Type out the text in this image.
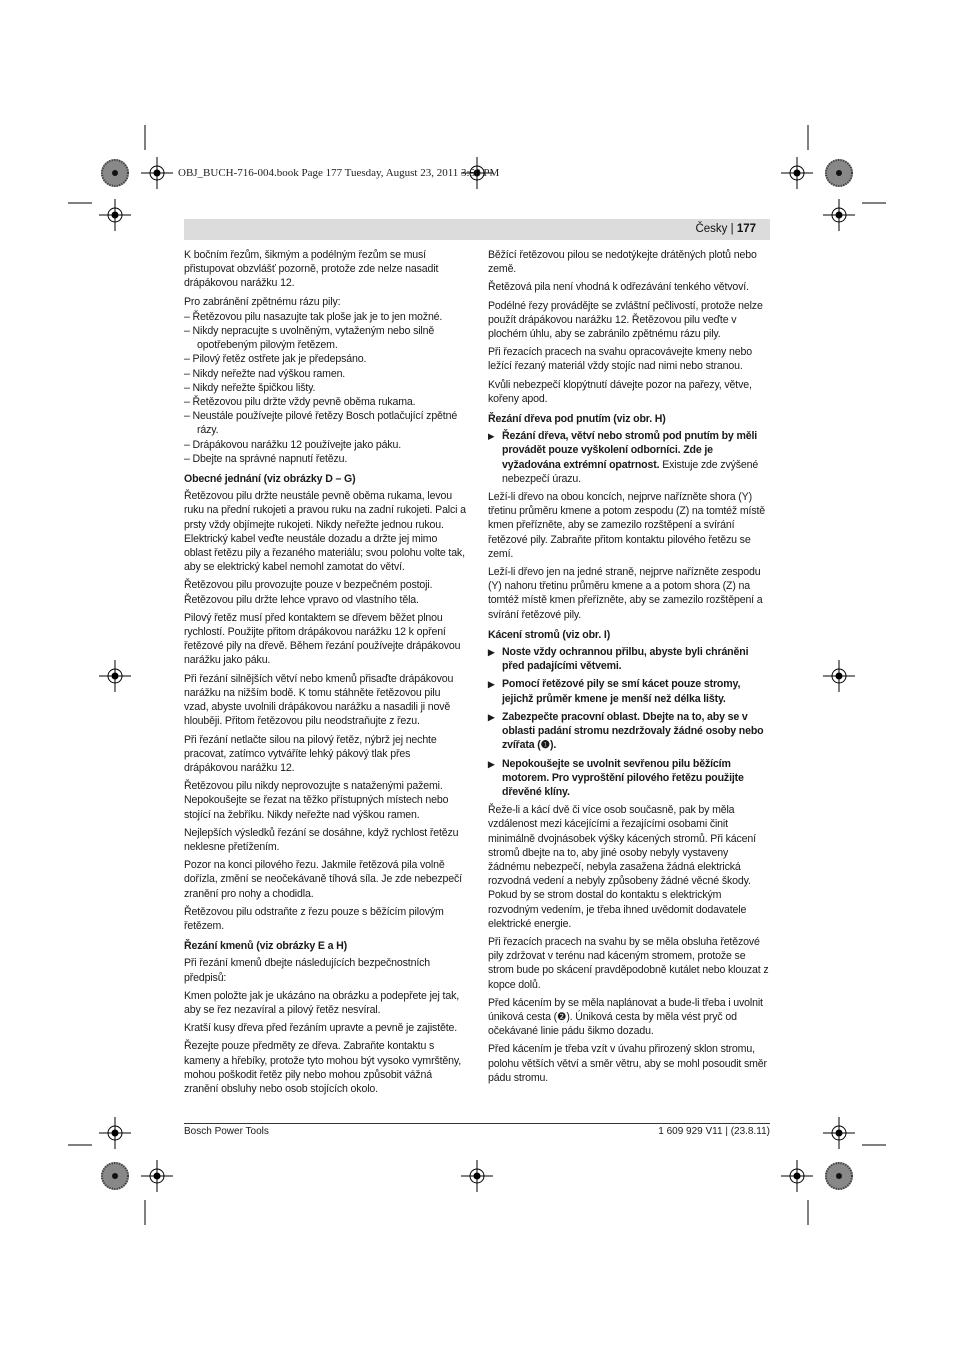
OBJ_BUCH-716-004.book Page 177 Tuesday, August 23, 2011 3:50 PM
Česky | 177

K bočním řezům, šikmým a podélným řezům se musí přistupovat obzvlášť pozorně, protože zde nelze nasadit drápákovou narážku 12.

Pro zabránění zpětnému rázu pily:

– Řetězovou pilu nasazujte tak ploše jak je to jen možné.

– Nikdy nepracujte s uvolněným, vytaženým nebo silně opotřebeným pilovým řetězem.

– Pilový řetěz ostřete jak je předepsáno.

– Nikdy neřežte nad výškou ramen.

– Nikdy neřežte špičkou lišty.

– Řetězovou pilu držte vždy pevně oběma rukama.

– Neustále používejte pilové řetězy Bosch potlačující zpětné rázy.

– Drápákovou narážku 12 používejte jako páku.

– Dbejte na správné napnutí řetězu.

Obecné jednání (viz obrázky D – G)

Řetězovou pilu držte neustále pevně oběma rukama, levou ruku na přední rukojeti a pravou ruku na zadní rukojeti. Palci a prsty vždy objímejte rukojeti. Nikdy neřežte jednou rukou. Elektrický kabel veďte neustále dozadu a držte jej mimo oblast řetězu pily a řezaného materiálu; svou polohu volte tak, aby se elektrický kabel nemohl zamotat do větví.

Řetězovou pilu provozujte pouze v bezpečném postoji. Řetězovou pilu držte lehce vpravo od vlastního těla.

Pilový řetěz musí před kontaktem se dřevem běžet plnou rychlostí. Použijte přitom drápákovou narážku 12 k opření řetězové pily na dřevě. Během řezání používejte drápákovou narážku jako páku.

Při řezání silnějších větví nebo kmenů přisaďte drápákovou narážku na nižším bodě. K tomu stáhněte řetězovou pilu vzad, abyste uvolnili drápákovou narážku a nasadili ji nově hlouběji. Přitom řetězovou pilu neodstraňujte z řezu.

Při řezání netlačte silou na pilový řetěz, nýbrž jej nechte pracovat, zatímco vytváříte lehký pákový tlak přes drápákovou narážku 12.

Řetězovou pilu nikdy neprovozujte s nataženými pažemi. Nepokoušejte se řezat na těžko přístupných místech nebo stojící na žebříku. Nikdy neřežte nad výškou ramen.

Nejlepších výsledků řezání se dosáhne, když rychlost řetězu neklesne přetížením.

Pozor na konci pilového řezu. Jakmile řetězová pila volně dořízla, změní se neočekávaně tíhová síla. Je zde nebezpečí zranění pro nohy a chodidla.

Řetězovou pilu odstraňte z řezu pouze s běžícím pilovým řetězem.

Řezání kmenů (viz obrázky E a H)

Při řezání kmenů dbejte následujících bezpečnostních předpisů:

Kmen položte jak je ukázáno na obrázku a podepřete jej tak, aby se řez nezavíral a pilový řetěz nesvíral.

Kratší kusy dřeva před řezáním upravte a pevně je zajistěte.

Řezejte pouze předměty ze dřeva. Zabraňte kontaktu s kameny a hřebíky, protože tyto mohou být vysoko vymrštěny, mohou poškodit řetěz pily nebo mohou způsobit vážná zranění obsluhy nebo osob stojících okolo.

Běžící řetězovou pilou se nedotýkejte drátěných plotů nebo země.

Řetězová pila není vhodná k odřezávání tenkého větvoví.

Podélné řezy provádějte se zvláštní pečlivostí, protože nelze použít drápákovou narážku 12. Řetězovou pilu veďte v plochém úhlu, aby se zabránilo zpětnému rázu pily.

Při řezacích pracech na svahu opracovávejte kmeny nebo ležící řezaný materiál vždy stojíc nad nimi nebo stranou.

Kvůli nebezpečí klopýtnutí dávejte pozor na pařezy, větve, kořeny apod.

Řezání dřeva pod pnutím (viz obr. H)

▶ Řezání dřeva, větví nebo stromů pod pnutím by měli provádět pouze vyškolení odborníci. Zde je vyžadována extrémní opatrnost. Existuje zde zvýšené nebezpečí úrazu.

Leží-li dřevo na obou koncích, nejprve nařízněte shora (Y) třetinu průměru kmene a potom zespodu (Z) na tomtéž místě kmen přeřízněte, aby se zamezilo rozštěpení a svírání řetězové pily. Zabraňte přitom kontaktu pilového řetězu se zemí.

Leží-li dřevo jen na jedné straně, nejprve nařízněte zespodu (Y) nahoru třetinu průměru kmene a a potom shora (Z) na tomtéž místě kmen přeřízněte, aby se zamezilo rozštěpení a svírání řetězové pily.

Kácení stromů (viz obr. I)

▶ Noste vždy ochrannou přilbu, abyste byli chráněni před padajícími větvemi.

▶ Pomocí řetězové pily se smí kácet pouze stromy, jejichž průměr kmene je menší než délka lišty.

▶ Zabezpečte pracovní oblast. Dbejte na to, aby se v oblasti padání stromu nezdržovaly žádné osoby nebo zvířata (❶).

▶ Nepokoušejte se uvolnit sevřenou pilu běžícím motorem. Pro vyproštění pilového řetězu použijte dřevěné klíny.

Řeže-li a kácí dvě či více osob současně, pak by měla vzdálenost mezi kácejícími a řezajícími osobami činit minimálně dvojnásobek výšky kácených stromů. Při kácení stromů dbejte na to, aby jiné osoby nebyly vystaveny žádnému nebezpečí, nebyla zasažena žádná elektrická rozvodná vedení a nebyly způsobeny žádné věcné škody. Pokud by se strom dostal do kontaktu s elektrickým rozvodným vedením, je třeba ihned uvědomit dodavatele elektrické energie.

Při řezacích pracech na svahu by se měla obsluha řetězové pily zdržovat v terénu nad káceným stromem, protože se strom bude po skácení pravděpodobně kutálet nebo klouzat z kopce dolů.

Před kácením by se měla naplánovat a bude-li třeba i uvolnit úniková cesta (❷). Úniková cesta by měla vést pryč od očekávané linie pádu šikmo dozadu.

Před kácením je třeba vzít v úvahu přirozený sklon stromu, polohu větších větví a směr větru, aby se mohl posoudit směr pádu stromu.

Bosch Power Tools	1 609 929 V11 | (23.8.11)
